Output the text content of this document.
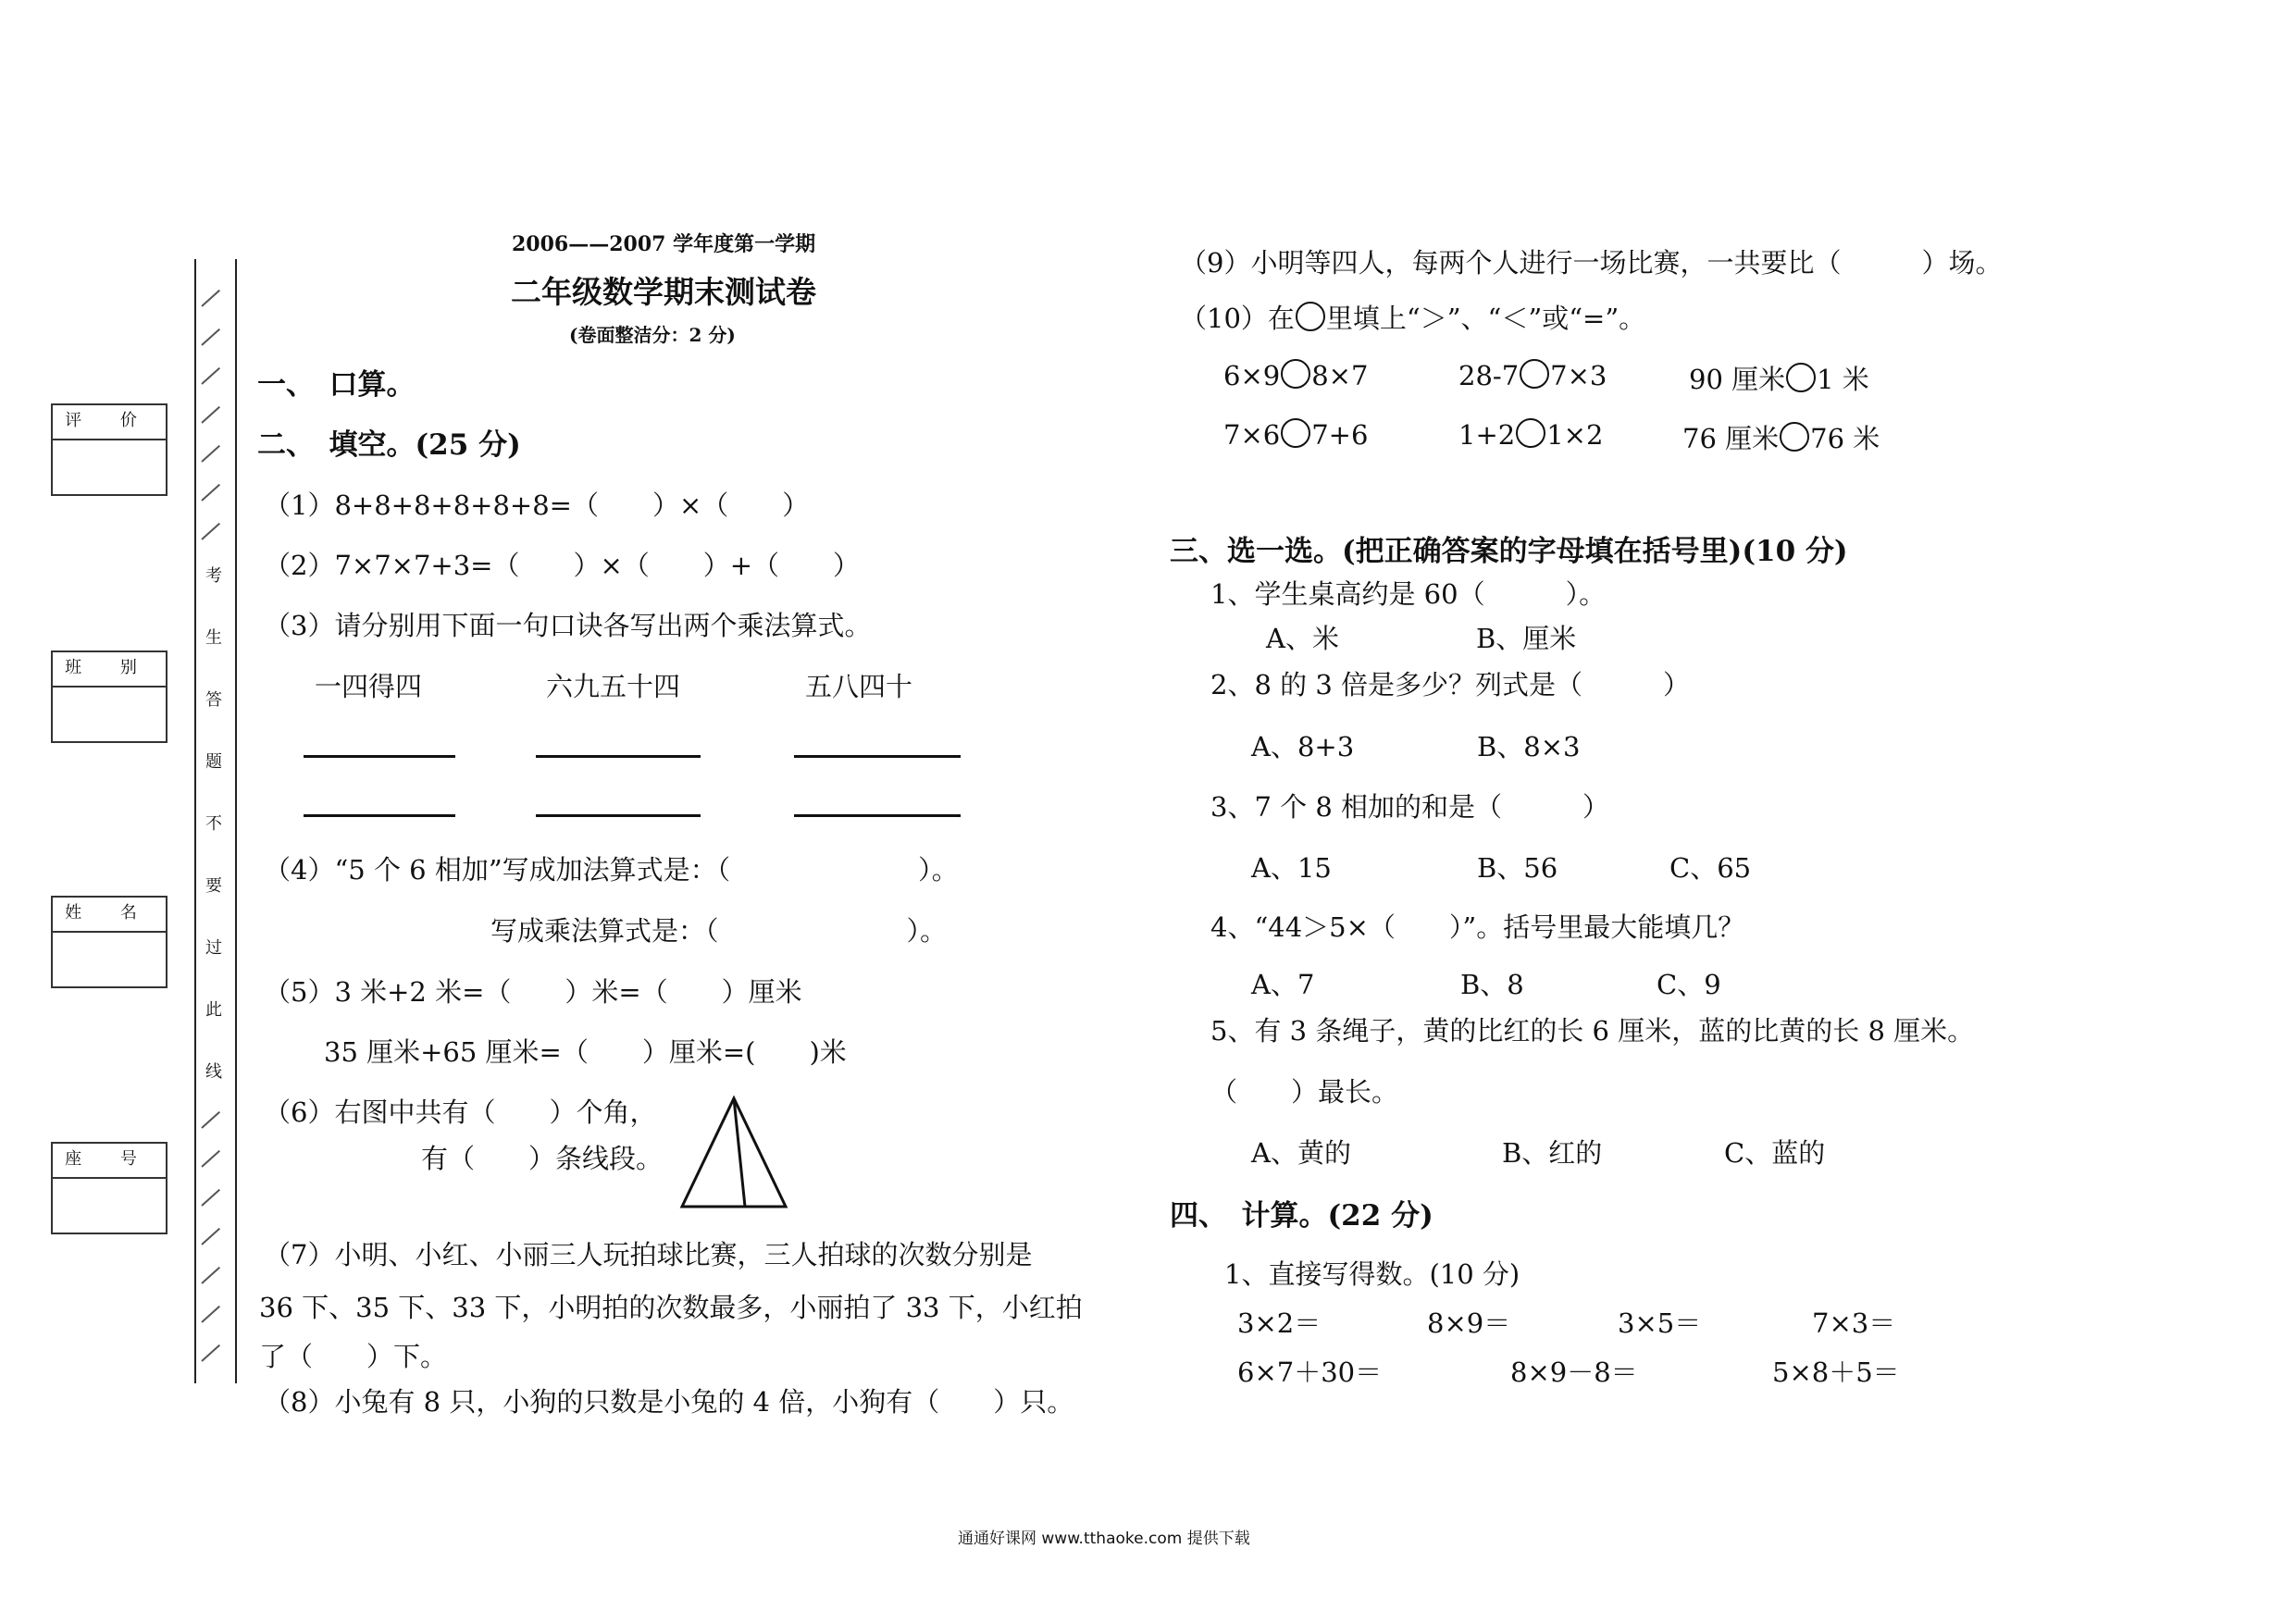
2006——2007 学年度第一学期
二年级数学期末测试卷
(卷面整洁分：2 分)
评 价
班 别
姓 名
座 号
考
生
答
题
不
要
过
此
线
一、　口算。
二、　填空。(25 分)
（1）8+8+8+8+8+8=（　　）×（　　）
（2）7×7×7+3=（　　）×（　　）+（　　）
（3）请分别用下面一句口诀各写出两个乘法算式。
一四得四	六九五十四	五八四十
（4）“5 个 6 相加”写成加法算式是：（　　　　　　　）。
写成乘法算式是：（　　　　　　　）。
（5）3 米+2 米=（　　）米=（　　）厘米
35 厘米+65 厘米=（　　）厘米=(　　)米
（6）右图中共有（　　）个角，
有（　　）条线段。
（7）小明、小红、小丽三人玩拍球比赛，三人拍球的次数分别是
36 下、35 下、33 下，小明拍的次数最多，小丽拍了 33 下，小红拍
了（　　）下。
（8）小兔有 8 只，小狗的只数是小兔的 4 倍，小狗有（　　）只。
（9）小明等四人，每两个人进行一场比赛，一共要比（　　　）场。
（10）在 里填上“＞”、“＜”或“=”。
6×9 8×7	28-7 7×3	90 厘米 1 米
7×6 7+6	1+2 1×2	76 厘米 76 米
三、选一选。(把正确答案的字母填在括号里)(10 分)
1、学生桌高约是 60（　　　）。
A、米	B、厘米
2、8 的 3 倍是多少？列式是（　　　）
A、8+3	B、8×3
3、7 个 8 相加的和是（　　　）
A、15	B、56	C、65
4、“44＞5×（　　）”。括号里最大能填几？
A、7	B、8	C、9
5、有 3 条绳子，黄的比红的长 6 厘米，蓝的比黄的长 8 厘米。
（　　）最长。
A、黄的	B、红的	C、蓝的
四、　计算。(22 分)
1、直接写得数。(10 分)
3×2＝	8×9＝	3×5＝	7×3＝
6×7＋30＝	8×9－8＝	5×8＋5＝
通通好课网 www.tthaoke.com 提供下载
